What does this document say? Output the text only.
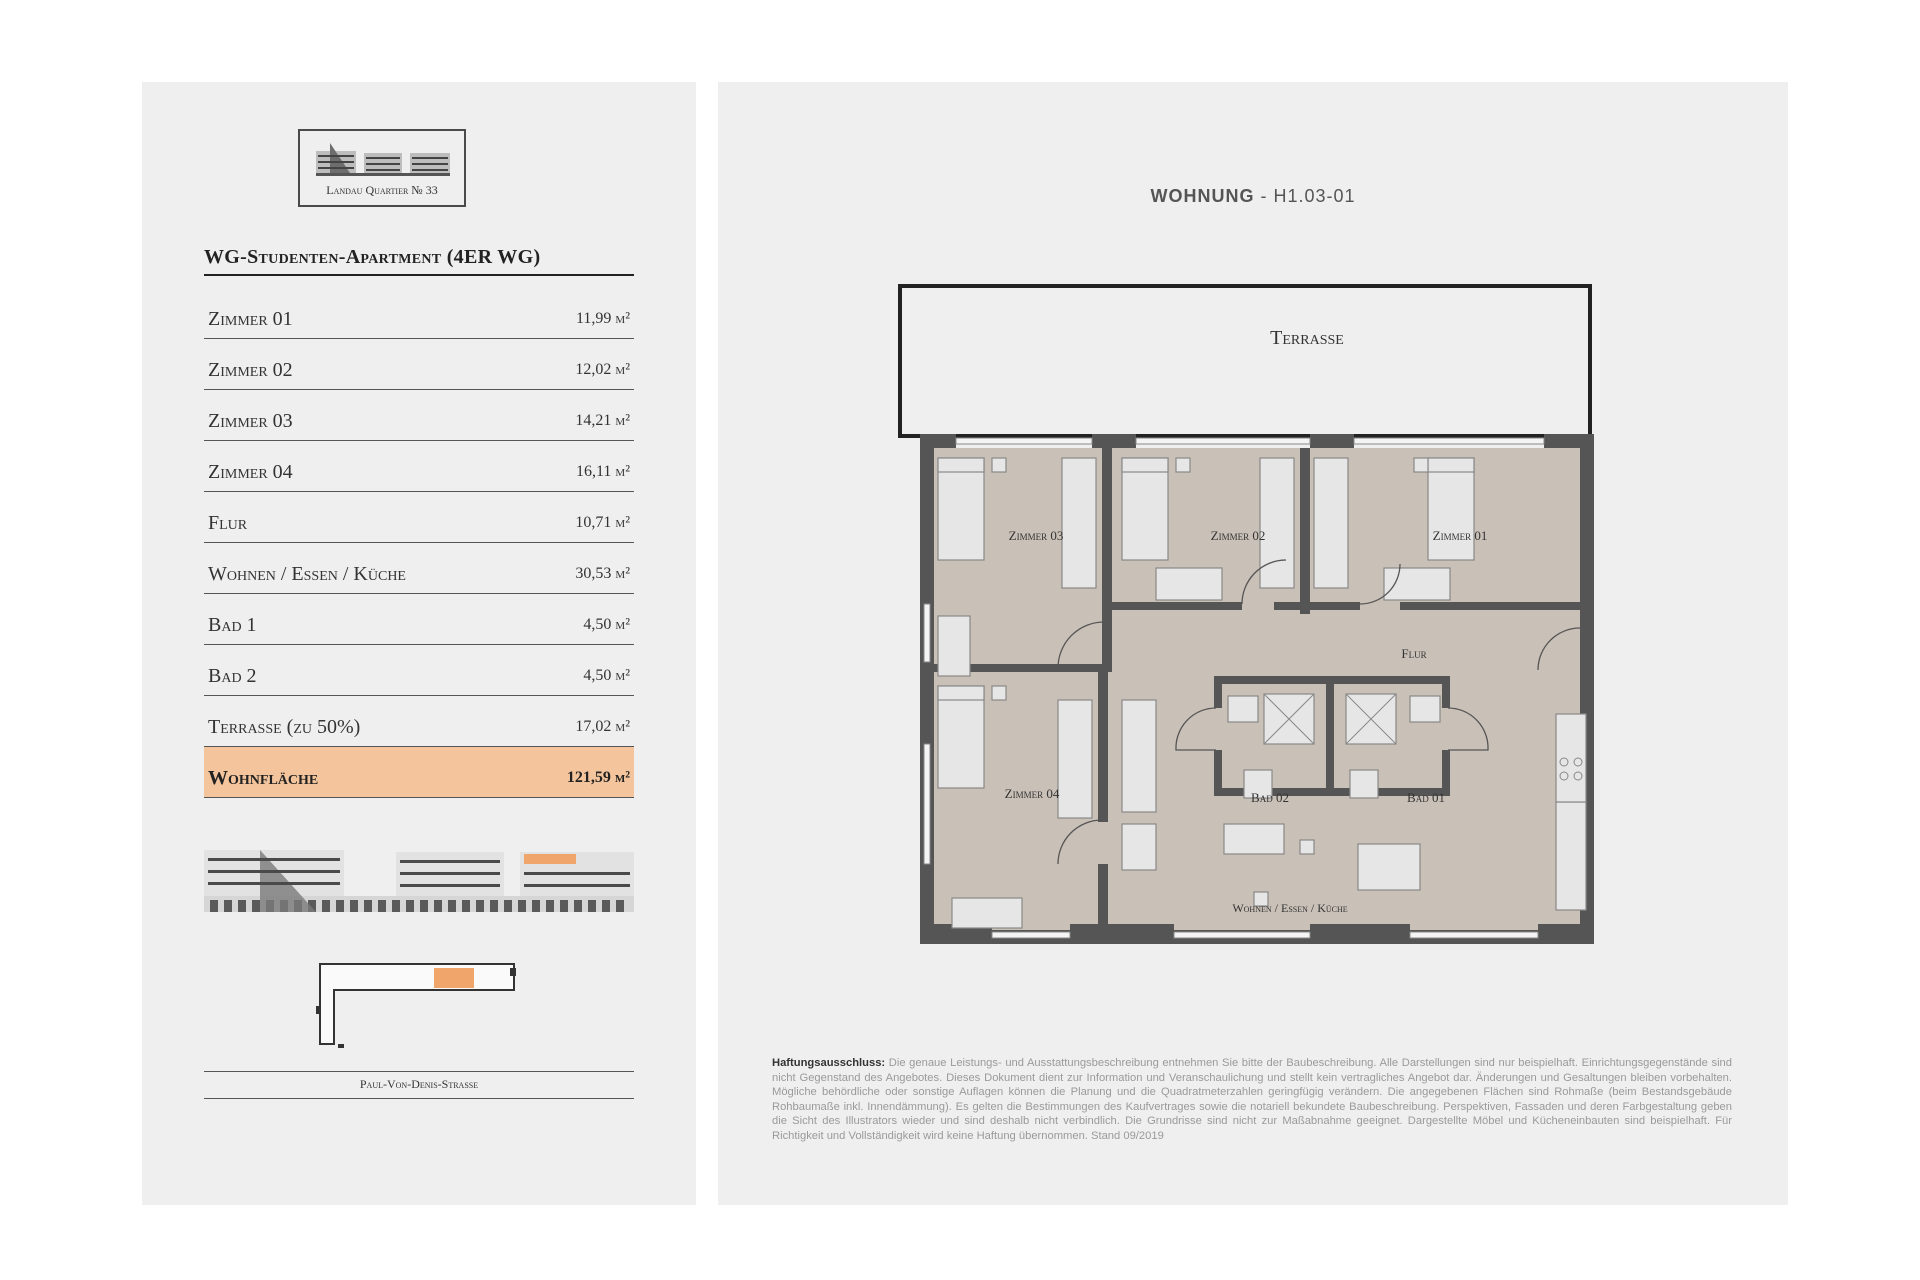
Landau Quartier № 33
WG-Studenten-Apartment (4ER WG)
Zimmer 01	11,99 m²
Zimmer 02	12,02 m²
Zimmer 03	14,21 m²
Zimmer 04	16,11 m²
Flur	10,71 m²
Wohnen / Essen / Küche	30,53 m²
Bad 1	4,50 m²
Bad 2	4,50 m²
Terrasse (zu 50%)	17,02 m²
Wohnfläche	121,59 m²
Paul-Von-Denis-Strasse
WOHNUNG - H1.03-01
Terrasse
Zimmer 03	Zimmer 02	Zimmer 01
Zimmer 04
Flur
Bad 02	Bad 01
Wohnen / Essen / Küche
Haftungsausschluss: Die genaue Leistungs- und Ausstattungsbeschreibung entnehmen Sie bitte der Baubeschreibung. Alle Darstellungen sind nur beispielhaft. Einrichtungsgegenstände sind nicht Gegenstand des Angebotes. Dieses Dokument dient zur Information und Veranschaulichung und stellt kein vertragliches Angebot dar. Änderungen und Gesaltungen bleiben vorbehalten. Mögliche behördliche oder sonstige Auflagen können die Planung und die Quadratmeterzahlen geringfügig verändern. Die angegebenen Flächen sind Rohmaße (beim Bestandsgebäude Rohbaumaße inkl. Innendämmung). Es gelten die Bestimmungen des Kaufvertrages sowie die notariell bekundete Baubeschreibung. Perspektiven, Fassaden und deren Farbgestaltung geben die Sicht des Illustrators wieder und sind deshalb nicht verbindlich. Die Grundrisse sind nicht zur Maßabnahme geeignet. Dargestellte Möbel und Kücheneinbauten sind beispielhaft. Für Richtigkeit und Vollständigkeit wird keine Haftung übernommen. Stand 09/2019
